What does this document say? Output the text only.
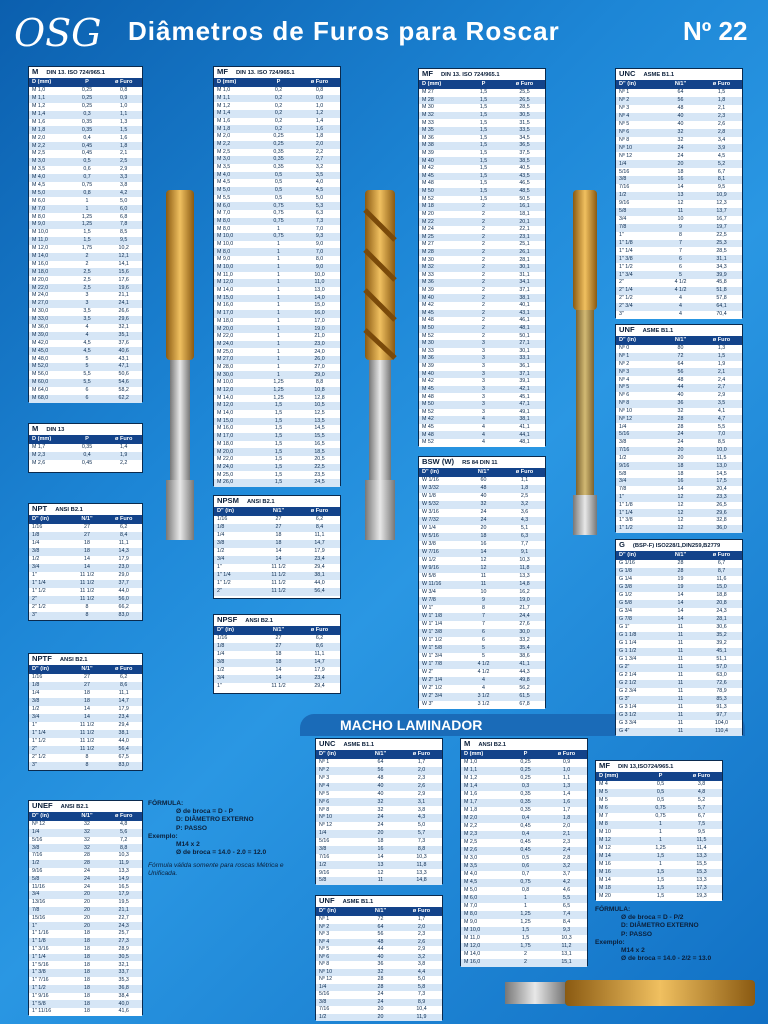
OSG Diâmetros de Furos para Roscar	Nº 22
MACHO LAMINADOR
M DIN 13. ISO 724/965.1
D (mm)	P	ø Furo
M 1,0	0,25	0,8
M 1,1	0,25	0,9
M 1,2	0,25	1,0
M 1,4	0,3	1,1
M 1,6	0,35	1,3
M 1,8	0,35	1,5
M 2,0	0,4	1,6
M 2,2	0,45	1,8
M 2,5	0,45	2,1
M 3,0	0,5	2,5
M 3,5	0,6	2,9
M 4,0	0,7	3,3
M 4,5	0,75	3,8
M 5,0	0,8	4,2
M 6,0	1	5,0
M 7,0	1	6,0
M 8,0	1,25	6,8
M 9,0	1,25	7,8
M 10,0	1,5	8,5
M 11,0	1,5	9,5
M 12,0	1,75	10,2
M 14,0	2	12,1
M 16,0	2	14,1
M 18,0	2,5	15,6
M 20,0	2,5	17,6
M 22,0	2,5	19,6
M 24,0	3	21,1
M 27,0	3	24,1
M 30,0	3,5	26,6
M 33,0	3,5	29,6
M 36,0	4	32,1
M 39,0	4	35,1
M 42,0	4,5	37,6
M 45,0	4,5	40,6
M 48,0	5	43,1
M 52,0	5	47,1
M 56,0	5,5	50,6
M 60,0	5,5	54,6
M 64,0	6	58,2
M 68,0	6	62,2
M DIN 13
D (mm)	P	ø Furo
M 1,7	0,35	1,4
M 2,3	0,4	1,9
M 2,6	0,45	2,2
NPT ANSI B2.1
D" (in)	N/1"	ø Furo
1/16	27	6,2
1/8	27	8,4
1/4	18	11,1
3/8	18	14,3
1/2	14	17,9
3/4	14	23,0
1"	11 1/2	29,0
1" 1/4	11 1/2	37,7
1" 1/2	11 1/2	44,0
2"	11 1/2	56,0
2" 1/2	8	66,2
3"	8	83,0
NPTF ANSI B2.1
D" (in)	N/1"	ø Furo
1/16	27	6,2
1/8	27	8,6
1/4	18	11,1
3/8	18	14,7
1/2	14	17,9
3/4	14	23,4
1"	11 1/2	29,4
1" 1/4	11 1/2	38,1
1" 1/2	11 1/2	44,0
2"	11 1/2	56,4
2" 1/2	8	67,5
3"	8	83,0
UNEF ANSI B2.1
D" (in)	N/1"	ø Furo
Nº 12	32	4,8
1/4	32	5,6
5/16	32	7,2
3/8	32	8,8
7/16	28	10,3
1/2	28	11,9
9/16	24	13,3
5/8	24	14,9
11/16	24	16,5
3/4	20	17,9
13/16	20	19,5
7/8	20	21,1
15/16	20	22,7
1"	20	24,3
1" 1/16	18	25,7
1" 1/8	18	27,3
1" 3/16	18	28,9
1" 1/4	18	30,5
1" 5/16	18	32,1
1" 3/8	18	33,7
1" 7/16	18	35,3
1" 1/2	18	36,8
1" 9/16	18	38,4
1" 5/8	18	40,0
1" 11/16	18	41,6
MF DIN 13. ISO 724/965.1
D (mm)	P	ø Furo
M 1,0	0,2	0,8
M 1,1	0,2	0,9
M 1,2	0,2	1,0
M 1,4	0,2	1,2
M 1,6	0,2	1,4
M 1,8	0,2	1,6
M 2,0	0,25	1,8
M 2,2	0,25	2,0
M 2,5	0,35	2,2
M 3,0	0,35	2,7
M 3,5	0,35	3,2
M 4,0	0,5	3,5
M 4,5	0,5	4,0
M 5,0	0,5	4,5
M 5,5	0,5	5,0
M 6,0	0,75	5,3
M 7,0	0,75	6,3
M 8,0	0,75	7,3
M 8,0	1	7,0
M 10,0	0,75	9,3
M 10,0	1	9,0
M 8,0	1	7,0
M 9,0	1	8,0
M 10,0	1	9,0
M 11,0	1	10,0
M 12,0	1	11,0
M 14,0	1	13,0
M 15,0	1	14,0
M 16,0	1	15,0
M 17,0	1	16,0
M 18,0	1	17,0
M 20,0	1	19,0
M 22,0	1	21,0
M 24,0	1	23,0
M 25,0	1	24,0
M 27,0	1	26,0
M 28,0	1	27,0
M 30,0	1	29,0
M 10,0	1,25	8,8
M 12,0	1,25	10,8
M 14,0	1,25	12,8
M 12,0	1,5	10,5
M 14,0	1,5	12,5
M 15,0	1,5	13,5
M 16,0	1,5	14,5
M 17,0	1,5	15,5
M 18,0	1,5	16,5
M 20,0	1,5	18,5
M 22,0	1,5	20,5
M 24,0	1,5	22,5
M 25,0	1,5	23,5
M 26,0	1,5	24,5
NPSM ANSI B2.1
D" (in)	N/1"	ø Furo
1/16	27	6,2
1/8	27	8,4
1/4	18	11,1
3/8	18	14,7
1/2	14	17,9
3/4	14	23,4
1"	11 1/2	29,4
1" 1/4	11 1/2	38,1
1" 1/2	11 1/2	44,0
2"	11 1/2	56,4
NPSF ANSI B2.1
D" (in)	N/1"	ø Furo
1/16	27	6,2
1/8	27	8,6
1/4	18	11,1
3/8	18	14,7
1/2	14	17,9
3/4	14	23,4
1"	11 1/2	29,4
MF DIN 13. ISO 724/965.1
D (mm)	P	ø Furo
M 27	1,5	25,5
M 28	1,5	26,5
M 30	1,5	28,5
M 32	1,5	30,5
M 33	1,5	31,5
M 35	1,5	33,5
M 36	1,5	34,5
M 38	1,5	36,5
M 39	1,5	37,5
M 40	1,5	38,5
M 42	1,5	40,5
M 45	1,5	43,5
M 48	1,5	46,5
M 50	1,5	48,5
M 52	1,5	50,5
M 18	2	16,1
M 20	2	18,1
M 22	2	20,1
M 24	2	22,1
M 25	2	23,1
M 27	2	25,1
M 28	2	26,1
M 30	2	28,1
M 32	2	30,1
M 33	2	31,1
M 36	2	34,1
M 39	2	37,1
M 40	2	38,1
M 42	2	40,1
M 45	2	43,1
M 48	2	46,1
M 50	2	48,1
M 52	2	50,1
M 30	3	27,1
M 33	3	30,1
M 36	3	33,1
M 39	3	36,1
M 40	3	37,1
M 42	3	39,1
M 45	3	42,1
M 48	3	45,1
M 50	3	47,1
M 52	3	49,1
M 42	4	38,1
M 45	4	41,1
M 48	4	44,1
M 52	4	48,1
BSW (W) RS 84 DIN 11
D" (in)	N/1"	ø Furo
W 1/16	60	1,1
W 3/32	48	1,8
W 1/8	40	2,5
W 5/32	32	3,2
W 3/16	24	3,6
W 7/32	24	4,3
W 1/4	20	5,1
W 5/16	18	6,3
W 3/8	16	7,7
W 7/16	14	9,1
W 1/2	12	10,3
W 9/16	12	11,8
W 5/8	11	13,3
W 11/16	11	14,8
W 3/4	10	16,2
W 7/8	9	19,0
W 1"	8	21,7
W 1" 1/8	7	24,4
W 1" 1/4	7	27,6
W 1" 3/8	6	30,0
W 1" 1/2	6	33,2
W 1" 5/8	5	35,4
W 1" 3/4	5	38,6
W 1" 7/8	4 1/2	41,1
W 2"	4 1/2	44,3
W 2" 1/4	4	49,8
W 2" 1/2	4	56,2
W 2" 3/4	3 1/2	61,5
W 3"	3 1/2	67,8
UNC ASME B1.1
D" (in)	N/1"	ø Furo
Nº 1	64	1,5
Nº 2	56	1,8
Nº 3	48	2,1
Nº 4	40	2,3
Nº 5	40	2,6
Nº 6	32	2,8
Nº 8	32	3,4
Nº 10	24	3,9
Nº 12	24	4,5
1/4	20	5,2
5/16	18	6,7
3/8	16	8,1
7/16	14	9,5
1/2	13	10,9
9/16	12	12,3
5/8	11	13,7
3/4	10	16,7
7/8	9	19,7
1"	8	22,5
1" 1/8	7	25,3
1" 1/4	7	28,5
1" 3/8	6	31,1
1" 1/2	6	34,3
1" 3/4	5	39,9
2"	4 1/2	45,8
2" 1/4	4 1/2	51,8
2" 1/2	4	57,8
2" 3/4	4	64,1
3"	4	70,4
UNF ASME B1.1
D" (in)	N/1"	ø Furo
Nº 0	80	1,3
Nº 1	72	1,5
Nº 2	64	1,9
Nº 3	56	2,1
Nº 4	48	2,4
Nº 5	44	2,7
Nº 6	40	2,9
Nº 8	36	3,5
Nº 10	32	4,1
Nº 12	28	4,7
1/4	28	5,5
5/16	24	7,0
3/8	24	8,5
7/16	20	10,0
1/2	20	11,5
9/16	18	13,0
5/8	18	14,5
3/4	16	17,5
7/8	14	20,4
1"	12	23,3
1" 1/8	12	26,5
1" 1/4	12	29,6
1" 3/8	12	32,8
1" 1/2	12	36,0
G (BSP-F) ISO228/1,DIN259,B2779
D" (in)	N/1"	ø Furo
G 1/16	28	6,7
G 1/8	28	8,7
G 1/4	19	11,6
G 3/8	19	15,0
G 1/2	14	18,8
G 5/8	14	20,8
G 3/4	14	24,3
G 7/8	14	28,1
G 1"	11	30,6
G 1 1/8	11	35,2
G 1 1/4	11	39,2
G 1 1/2	11	45,1
G 1 3/4	11	51,1
G 2"	11	57,0
G 2 1/4	11	63,0
G 2 1/2	11	72,6
G 2 3/4	11	78,9
G 3"	11	85,3
G 3 1/4	11	91,3
G 3 1/2	11	97,7
G 3 3/4	11	104,0
G 4"	11	110,4
UNC ASME B1.1
D" (in)	N/1"	ø Furo
Nº 1	64	1,7
Nº 2	56	2,0
Nº 3	48	2,3
Nº 4	40	2,6
Nº 5	40	2,9
Nº 6	32	3,1
Nº 8	32	3,8
Nº 10	24	4,3
Nº 12	24	5,0
1/4	20	5,7
5/16	18	7,3
3/8	16	8,8
7/16	14	10,3
1/2	13	11,8
9/16	12	13,3
5/8	11	14,8
UNF ASME B1.1
D" (in)	N/1"	ø Furo
Nº 1	72	1,7
Nº 2	64	2,0
Nº 3	56	2,3
Nº 4	48	2,6
Nº 5	44	2,9
Nº 6	40	3,2
Nº 8	36	3,8
Nº 10	32	4,4
Nº 12	28	5,0
1/4	28	5,8
5/16	24	7,3
3/8	24	8,9
7/16	20	10,4
1/2	20	11,9
M ANSI B2.1
D (mm)	P	ø Furo
M 1,0	0,25	0,9
M 1,1	0,25	1,0
M 1,2	0,25	1,1
M 1,4	0,3	1,3
M 1,6	0,35	1,4
M 1,7	0,35	1,6
M 1,8	0,35	1,7
M 2,0	0,4	1,8
M 2,2	0,45	2,0
M 2,3	0,4	2,1
M 2,5	0,45	2,3
M 2,6	0,45	2,4
M 3,0	0,5	2,8
M 3,5	0,6	3,2
M 4,0	0,7	3,7
M 4,5	0,75	4,2
M 5,0	0,8	4,6
M 6,0	1	5,5
M 7,0	1	6,5
M 8,0	1,25	7,4
M 9,0	1,25	8,4
M 10,0	1,5	9,3
M 11,0	1,5	10,3
M 12,0	1,75	11,2
M 14,0	2	13,1
M 16,0	2	15,1
MF DIN 13,ISO724/965.1
D (mm)	P	ø Furo
M 4	0,5	3,8
M 5	0,5	4,8
M 5	0,5	5,2
M 6	0,75	5,7
M 7	0,75	6,7
M 8	1	7,5
M 10	1	9,5
M 12	1	11,5
M 12	1,25	11,4
M 14	1,5	13,3
M 16	1	15,5
M 16	1,5	15,3
M 14	1,5	13,3
M 18	1,5	17,3
M 20	1,5	19,3
FÓRMULA:
Ø de broca = D - P
D: DIÂMETRO EXTERNO
P: PASSO
Exemplo:
M14 x 2
Ø de broca = 14.0 - 2.0 = 12.0
Fórmula válida somente para roscas Métrica e Unificada.
FÓRMULA:
Ø de broca = D - P/2
D: DIÂMETRO EXTERNO
P: PASSO
Exemplo:
M14 x 2
Ø de broca = 14.0 - 2/2 = 13.0
